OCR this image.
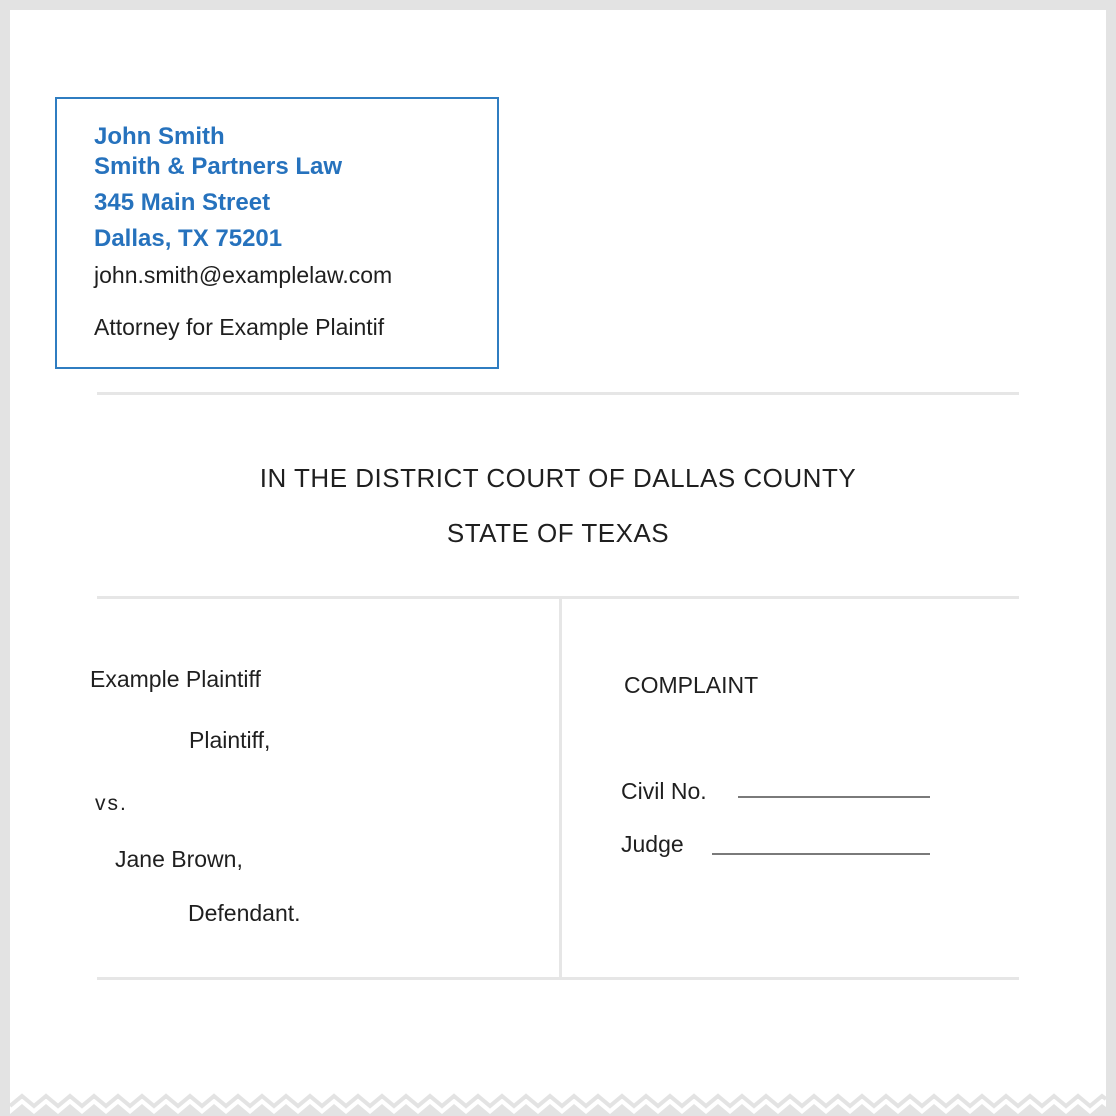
John Smith
Smith & Partners Law
345 Main Street
Dallas, TX 75201
john.smith@examplelaw.com
Attorney for Example Plaintif
IN THE DISTRICT COURT OF DALLAS COUNTY
STATE OF TEXAS
Example Plaintiff
Plaintiff,
vs.
Jane Brown,
Defendant.
COMPLAINT
Civil No.
Judge
